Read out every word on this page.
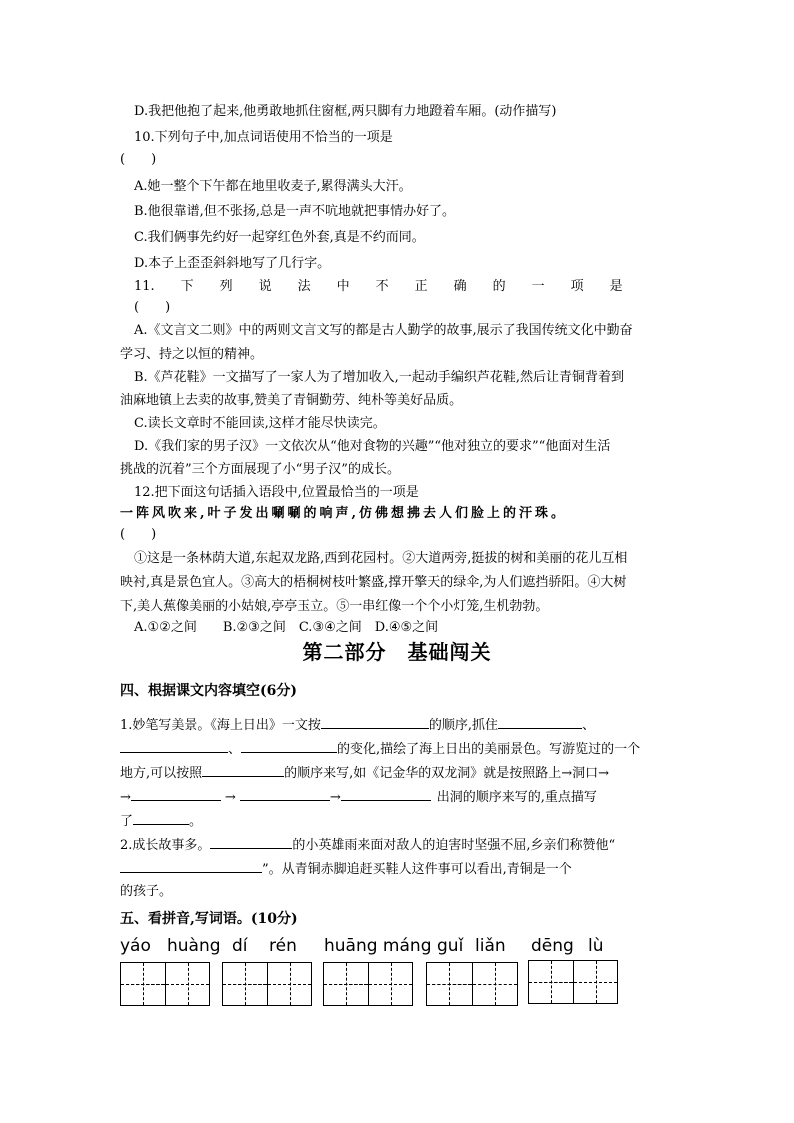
D.我把他抱了起来,他勇敢地抓住窗框,两只脚有力地蹬着车厢。(动作描写)
10.下列句子中,加点词语使用不恰当的一项是
(　　)
A.她一整个下午都在地里收麦子,累得满头大汗。
B.他很靠谱,但不张扬,总是一声不吭地就把事情办好了。
C.我们俩事先约好一起穿红色外套,真是不约而同。
D.本子上歪歪斜斜地写了几行字。
11.　　下　　列　　说　　法　　中　　不　　正　　确　　的　　一　　项　　是
(　　)
A.《文言文二则》中的两则文言文写的都是古人勤学的故事,展示了我国传统文化中勤奋
学习、持之以恒的精神。
B.《芦花鞋》一文描写了一家人为了增加收入,一起动手编织芦花鞋,然后让青铜背着到
油麻地镇上去卖的故事,赞美了青铜勤劳、纯朴等美好品质。
C.读长文章时不能回读,这样才能尽快读完。
D.《我们家的男子汉》一文依次从“他对食物的兴趣”“他对独立的要求”“他面对生活
挑战的沉着”三个方面展现了小“男子汉”的成长。
12.把下面这句话插入语段中,位置最恰当的一项是
一阵风吹来,叶子发出唰唰的响声,仿佛想拂去人们脸上的汗珠。
(　　)
①这是一条林荫大道,东起双龙路,西到花园村。②大道两旁,挺拔的树和美丽的花儿互相
映衬,真是景色宜人。③高大的梧桐树枝叶繁盛,撑开擎天的绿伞,为人们遮挡骄阳。④大树
下,美人蕉像美丽的小姑娘,亭亭玉立。⑤一串红像一个个小灯笼,生机勃勃。
A.①②之间　　B.②③之间　C.③④之间　D.④⑤之间
第二部分　基础闯关
四、根据课文内容填空(6分)
1.妙笔写美景。《海上日出》一文按	的顺序,抓住	、
、	的变化,描绘了海上日出的美丽景色。写游览过的一个
地方,可以按照	的顺序来写,如《记金华的双龙洞》就是按照路上→洞口→
→	→	→	出洞的顺序来写的,重点描写
了	。
2.成长故事多。	的小英雄雨来面对敌人的迫害时坚强不屈,乡亲们称赞他“
”。从青铜赤脚追赶买鞋人这件事可以看出,青铜是一个
的孩子。
五、看拼音,写词语。(10分)
yáo huàng dí rén huāng máng guǐ liǎn dēng lù
